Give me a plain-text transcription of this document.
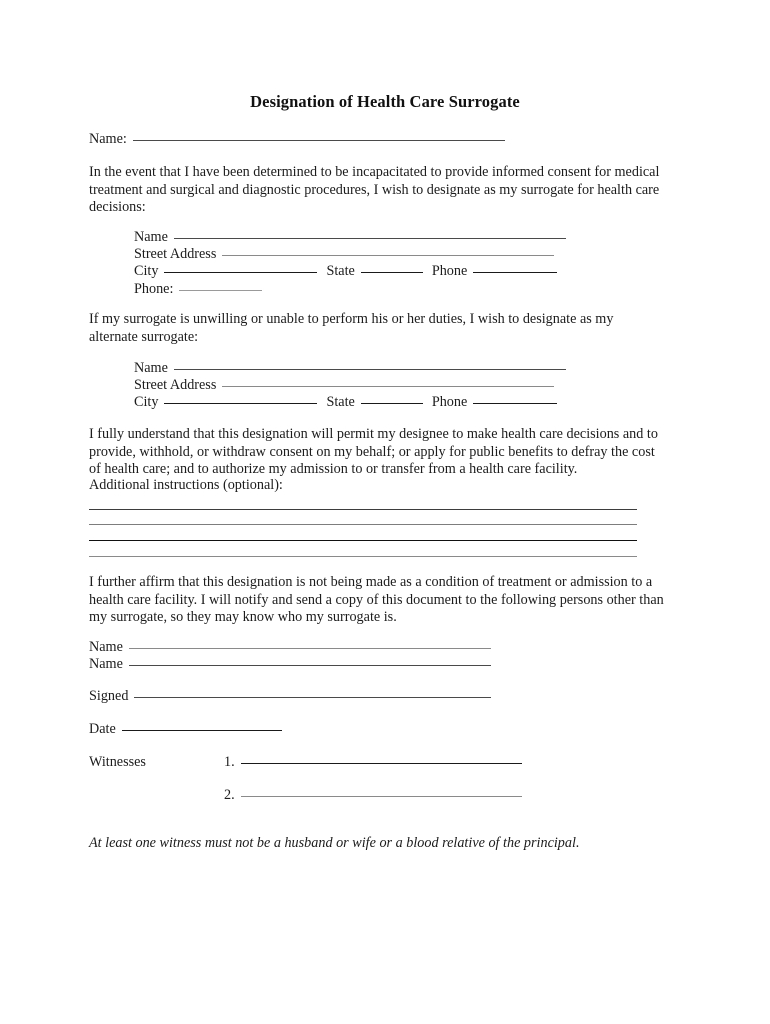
Designation of Health Care Surrogate
Name:
In the event that I have been determined to be incapacitated to provide informed consent for medical treatment and surgical and diagnostic procedures, I wish to designate as my surrogate for health care decisions:
Name
Street Address
City	State	Phone
Phone:
If my surrogate is unwilling or unable to perform his or her duties, I wish to designate as my alternate surrogate:
Name
Street Address
City	State	Phone
I fully understand that this designation will permit my designee to make health care decisions and to provide, withhold, or withdraw consent on my behalf; or apply for public benefits to defray the cost of health care; and to authorize my admission to or transfer from a health care facility.
Additional instructions (optional):
I further affirm that this designation is not being made as a condition of treatment or admission to a health care facility. I will notify and send a copy of this document to the following persons other than my surrogate, so they may know who my surrogate is.
Name
Name
Signed
Date
Witnesses	1.
2.
At least one witness must not be a husband or wife or a blood relative of the principal.
